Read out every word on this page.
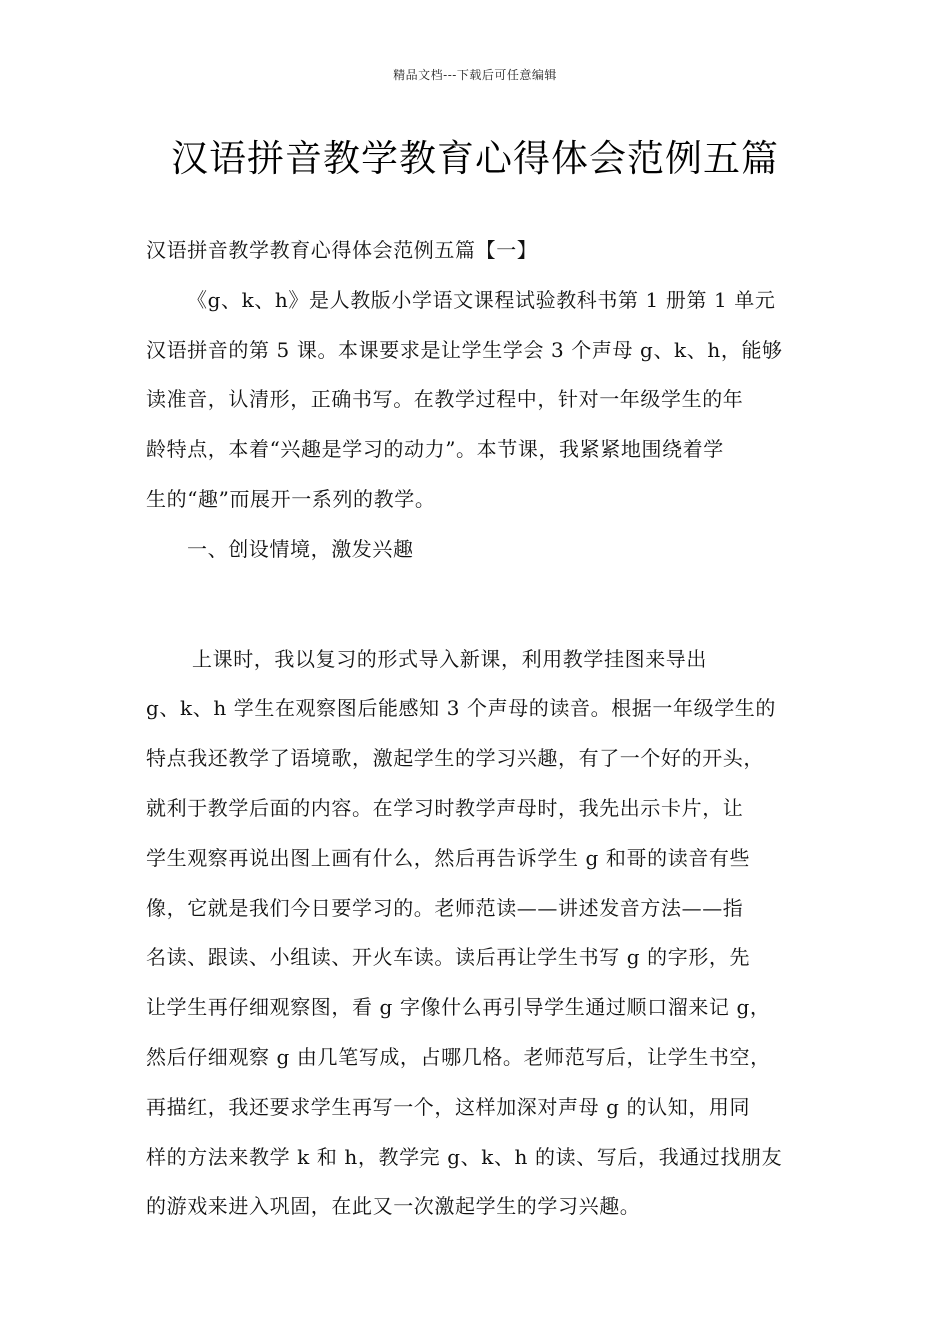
精品文档---下载后可任意编辑
汉语拼音教学教育心得体会范例五篇
汉语拼音教学教育心得体会范例五篇【一】
《g、k、h》是人教版小学语文课程试验教科书第 1 册第 1 单元
汉语拼音的第 5 课。本课要求是让学生学会 3 个声母 g、k、h，能够
读准音，认清形，正确书写。在教学过程中，针对一年级学生的年
龄特点，本着“兴趣是学习的动力”。本节课，我紧紧地围绕着学
生的“趣”而展开一系列的教学。
一、创设情境，激发兴趣
上课时，我以复习的形式导入新课，利用教学挂图来导出
g、k、h 学生在观察图后能感知 3 个声母的读音。根据一年级学生的
特点我还教学了语境歌，激起学生的学习兴趣，有了一个好的开头，
就利于教学后面的内容。在学习时教学声母时，我先出示卡片，让
学生观察再说出图上画有什么，然后再告诉学生 g 和哥的读音有些
像，它就是我们今日要学习的。老师范读——讲述发音方法——指
名读、跟读、小组读、开火车读。读后再让学生书写 g 的字形，先
让学生再仔细观察图，看 g 字像什么再引导学生通过顺口溜来记 g，
然后仔细观察 g 由几笔写成，占哪几格。老师范写后，让学生书空，
再描红，我还要求学生再写一个，这样加深对声母 g 的认知，用同
样的方法来教学 k 和 h，教学完 g、k、h 的读、写后，我通过找朋友
的游戏来进入巩固，在此又一次激起学生的学习兴趣。
